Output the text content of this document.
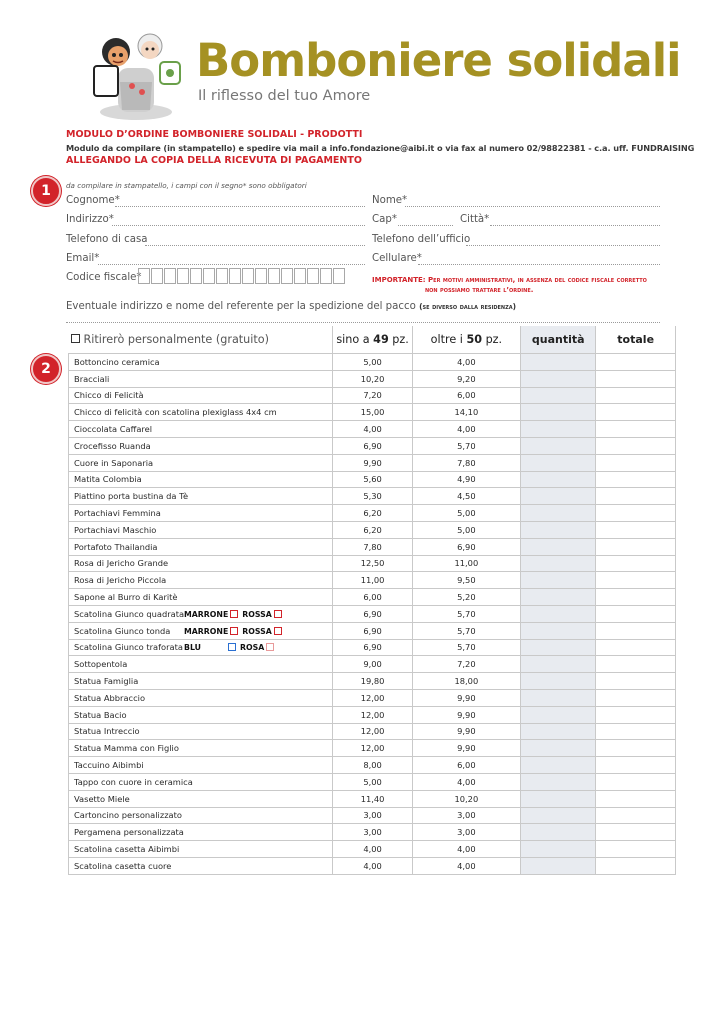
Bomboniere solidali
Il riflesso del tuo Amore
MODULO D’ORDINE BOMBONIERE SOLIDALI - PRODOTTI
Modulo da compilare (in stampatello) e spedire via mail a info.fondazione@aibi.it o via fax al numero 02/98822381 - c.a. uff. FUNDRAISING
ALLEGANDO LA COPIA DELLA RICEVUTA DI PAGAMENTO
1	da compilare in stampatello, i campi con il segno* sono obbligatori
Cognome*	Nome*
Indirizzo*	Cap*	Città*
Telefono di casa	Telefono dell’ufficio
Email*	Cellulare*
Codice fiscale*	IMPORTANTE: Per motivi amministrativi, in assenza del codice fiscale corretto
non possiamo trattare l’ordine.
Eventuale indirizzo e nome del referente per la spedizione del pacco (se diverso dalla residenza)
2
Ritirerò personalmente (gratuito)	sino a 49 pz.	oltre i 50 pz.	quantità	totale
Bottoncino ceramica	5,00	4,00		
Bracciali	10,20	9,20		
Chicco di Felicità	7,20	6,00		
Chicco di felicità con scatolina plexiglass 4x4 cm	15,00	14,10		
Cioccolata Caffarel	4,00	4,00		
Crocefisso Ruanda	6,90	5,70		
Cuore in Saponaria	9,90	7,80		
Matita Colombia	5,60	4,90		
Piattino porta bustina da Tè	5,30	4,50		
Portachiavi Femmina	6,20	5,00		
Portachiavi Maschio	6,20	5,00		
Portafoto Thailandia	7,80	6,90		
Rosa di Jericho Grande	12,50	11,00		
Rosa di Jericho Piccola	11,00	9,50		
Sapone al Burro di Karitè	6,00	5,20		
Scatolina Giunco quadrataMARRONE ROSSA	6,90	5,70		
Scatolina Giunco tonda MARRONE ROSSA	6,90	5,70		
Scatolina Giunco traforataBLU ROSA	6,90	5,70		
Sottopentola	9,00	7,20		
Statua Famiglia	19,80	18,00		
Statua Abbraccio	12,00	9,90		
Statua Bacio	12,00	9,90		
Statua Intreccio	12,00	9,90		
Statua Mamma con Figlio	12,00	9,90		
Taccuino Aibimbi	8,00	6,00		
Tappo con cuore in ceramica	5,00	4,00		
Vasetto Miele	11,40	10,20		
Cartoncino personalizzato	3,00	3,00		
Pergamena personalizzata	3,00	3,00		
Scatolina casetta Aibimbi	4,00	4,00		
Scatolina casetta cuore	4,00	4,00		
